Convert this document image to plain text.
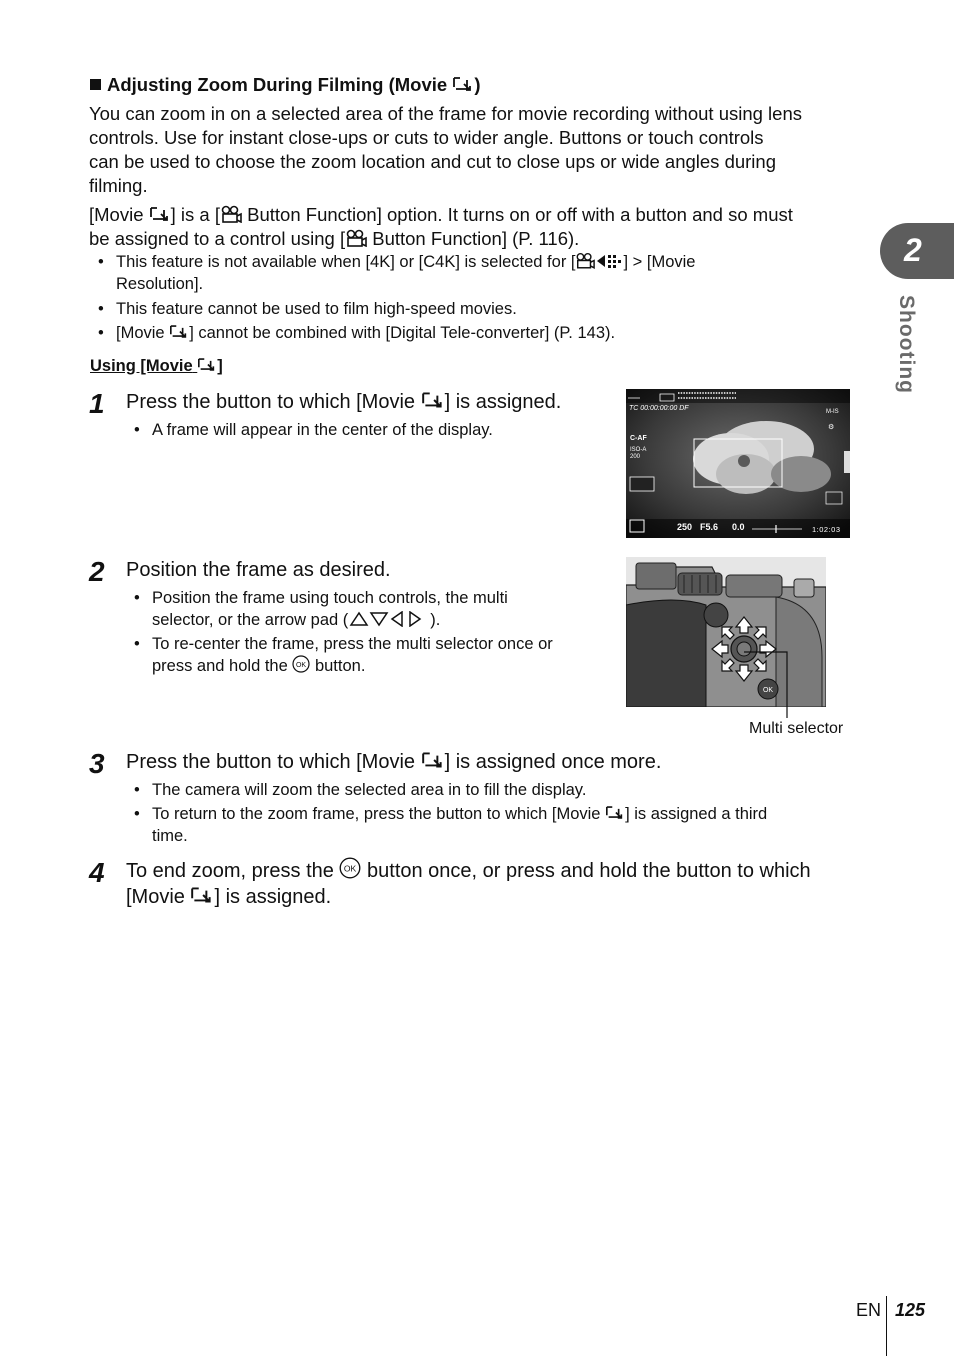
Adjusting Zoom During Filming (Movie )
You can zoom in on a selected area of the frame for movie recording without using lens
controls. Use for instant close-ups or cuts to wider angle. Buttons or touch controls
can be used to choose the zoom location and cut to close ups or wide angles during
filming.
[Movie ] is a [ Button Function] option. It turns on or off with a button and so must
be assigned to a control using [ Button Function] (P. 116).
• This feature is not available when [4K] or [C4K] is selected for [	] > [Movie
Resolution].
• This feature cannot be used to film high-speed movies.
• [Movie ] cannot be combined with [Digital Tele-converter] (P. 143).
Using [Movie ]
1 Press the button to which [Movie ] is assigned.
• A frame will appear in the center of the display.
M-IS
⚙
TC 00:00:00:00 DF
C-AF
ISO-A 200
250 F5.6 0.0	1:02:03
2 Position the frame as desired.
• Position the frame using touch controls, the multi
selector, or the arrow pad (	).
• To re-center the frame, press the multi selector once or
press and hold the OK button.
OK
Multi selector
3 Press the button to which [Movie ] is assigned once more.
• The camera will zoom the selected area in to fill the display.
• To return to the zoom frame, press the button to which [Movie ] is assigned a third
time.
4 To end zoom, press the OK button once, or press and hold the button to which
[Movie ] is assigned.
2
Shooting
EN 125
